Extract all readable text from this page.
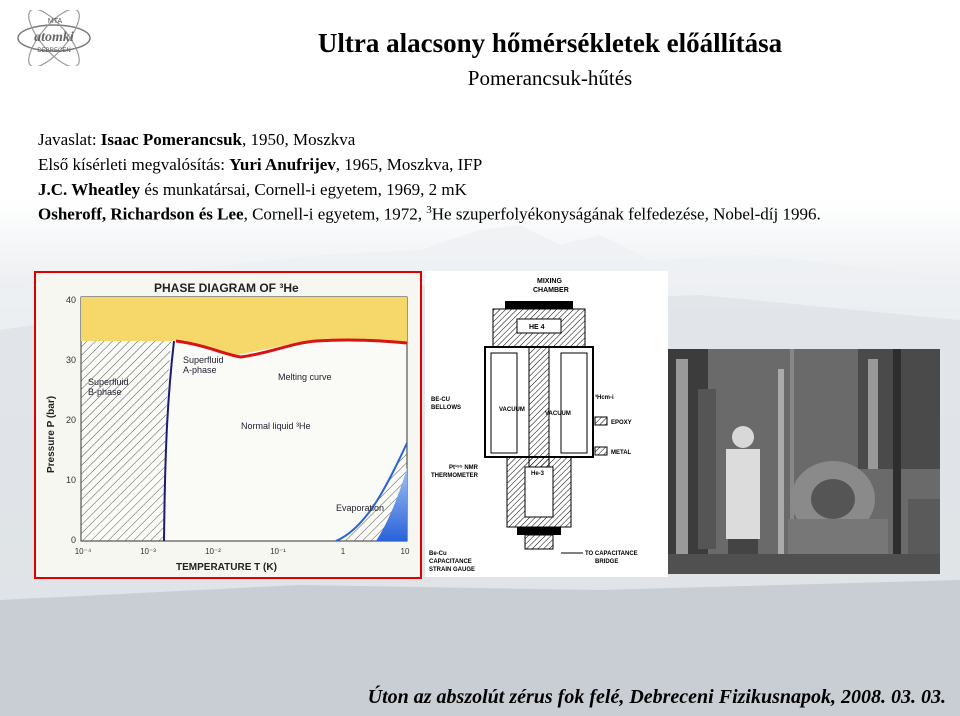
MTA
atomki
DEBRECEN	Ultra alacsony hőmérsékletek előállítása
Pomerancsuk-hűtés
Javaslat: Isaac Pomerancsuk, 1950, Moszkva
Első kísérleti megvalósítás: Yuri Anufrijev, 1965, Moszkva, IFP
J.C. Wheatley és munkatársai, Cornell-i egyetem, 1969, 2 mK
Osheroff, Richardson és Lee, Cornell-i egyetem, 1972, $^3$He szuperfolyékonyságának felfedezése, Nobel-díj 1996.
PHASE DIAGRAM OF ³He
40
30
20
10
0
10⁻⁴	10⁻³	10⁻²	10⁻¹	1	10
TEMPERATURE T (K)
Pressure P (bar)
Superfluid
B-phase
Superfluid
A-phase
Melting curve
Normal liquid ³He
Evaporation
MIXING
CHAMBER
HE 4
VACUUM
VACUUM
He-3
BE-CU
BELLOWS
Pt¹⁹⁵ NMR
THERMOMETER
Be-Cu
CAPACITANCE
STRAIN GAUGE
³Hcm-i
EPOXY
METAL
TO CAPACITANCE
BRIDGE
Úton az abszolút zérus fok felé, Debreceni Fizikusnapok, 2008. 03. 03.
